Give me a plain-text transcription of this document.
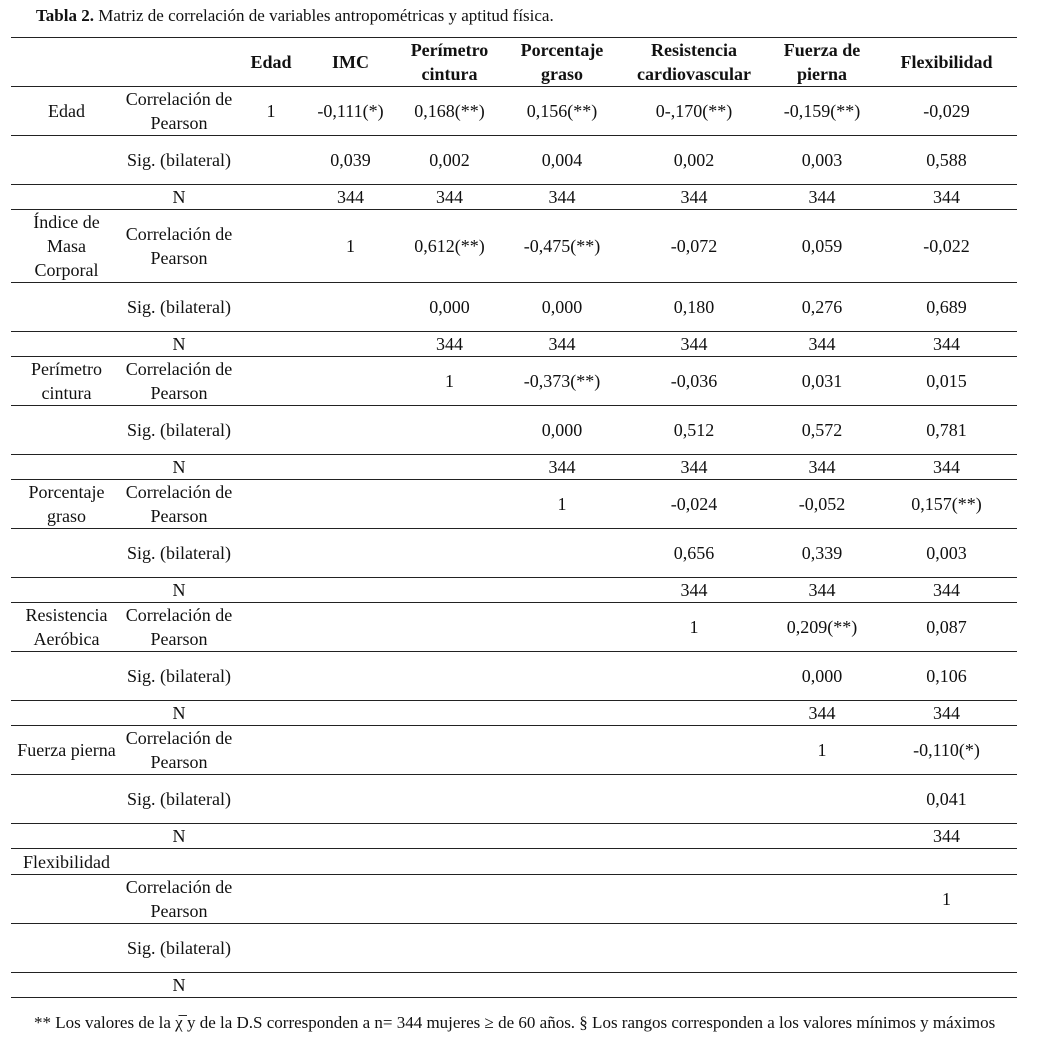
Tabla 2. Matriz de correlación de variables antropométricas y aptitud física.
		Edad	IMC	Perímetro cintura	Porcentaje graso	Resistencia cardiovascular	Fuerza de pierna	Flexibilidad
Edad	Correlación de Pearson	1	-0,111(*)	0,168(**)	0,156(**)	0-,170(**)	-0,159(**)	-0,029
	Sig. (bilateral)		0,039	0,002	0,004	0,002	0,003	0,588
	N		344	344	344	344	344	344
Índice de Masa Corporal	Correlación de Pearson		1	0,612(**)	-0,475(**)	-0,072	0,059	-0,022
	Sig. (bilateral)			0,000	0,000	0,180	0,276	0,689
	N			344	344	344	344	344
Perímetro cintura	Correlación de Pearson			1	-0,373(**)	-0,036	0,031	0,015
	Sig. (bilateral)				0,000	0,512	0,572	0,781
	N				344	344	344	344
Porcentaje graso	Correlación de Pearson				1	-0,024	-0,052	0,157(**)
	Sig. (bilateral)					0,656	0,339	0,003
	N					344	344	344
Resistencia Aeróbica	Correlación de Pearson					1	0,209(**)	0,087
	Sig. (bilateral)						0,000	0,106
	N						344	344
Fuerza pierna	Correlación de Pearson						1	-0,110(*)
	Sig. (bilateral)							0,041
	N							344
Flexibilidad								
	Correlación de Pearson							1
	Sig. (bilateral)							
	N							
** Los valores de la χ̅ y de la D.S corresponden a n= 344 mujeres ≥ de 60 años. § Los rangos corresponden a los valores mínimos y máximos
